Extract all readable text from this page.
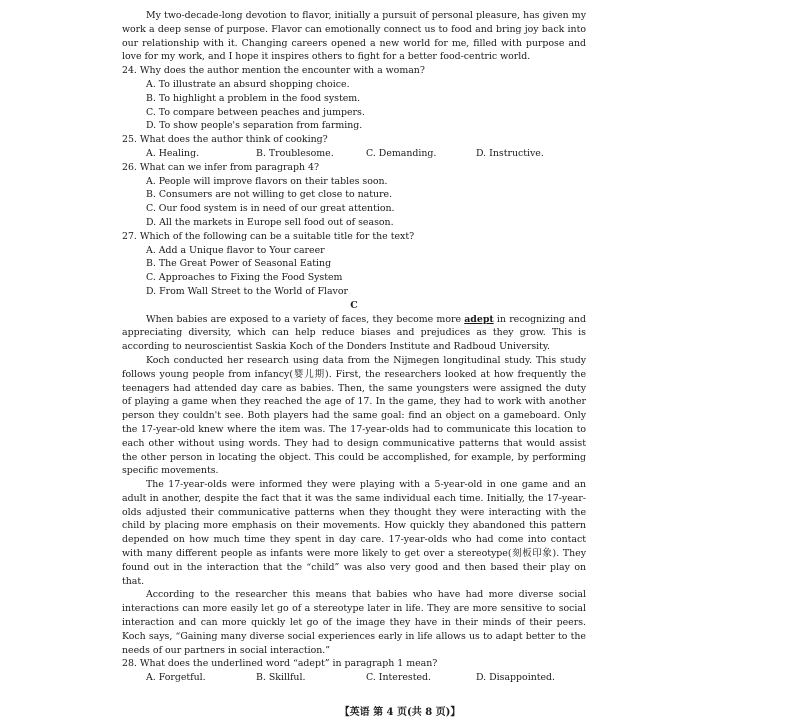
My two-decade-long devotion to flavor, initially a pursuit of personal pleasure, has given my work a deep sense of purpose. Flavor can emotionally connect us to food and bring joy back into our relationship with it. Changing careers opened a new world for me, filled with purpose and love for my work, and I hope it inspires others to fight for a better food-centric world.

24. Why does the author mention the encounter with a woman?

A. To illustrate an absurd shopping choice.

B. To highlight a problem in the food system.

C. To compare between peaches and jumpers.

D. To show people's separation from farming.

25. What does the author think of cooking?

A. Healing.	B. Troublesome.	C. Demanding.	D. Instructive.

26. What can we infer from paragraph 4?

A. People will improve flavors on their tables soon.

B. Consumers are not willing to get close to nature.

C. Our food system is in need of our great attention.

D. All the markets in Europe sell food out of season.

27. Which of the following can be a suitable title for the text?

A. Add a Unique flavor to Your career

B. The Great Power of Seasonal Eating

C. Approaches to Fixing the Food System

D. From Wall Street to the World of Flavor

C

When babies are exposed to a variety of faces, they become more adept in recognizing and appreciating diversity, which can help reduce biases and prejudices as they grow. This is according to neuroscientist Saskia Koch of the Donders Institute and Radboud University.

Koch conducted her research using data from the Nijmegen longitudinal study. This study follows young people from infancy(婴儿期). First, the researchers looked at how frequently the teenagers had attended day care as babies. Then, the same youngsters were assigned the duty of playing a game when they reached the age of 17. In the game, they had to work with another person they couldn't see. Both players had the same goal: find an object on a gameboard. Only the 17-year-old knew where the item was. The 17-year-olds had to communicate this location to each other without using words. They had to design communicative patterns that would assist the other person in locating the object. This could be accomplished, for example, by performing specific movements.

The 17-year-olds were informed they were playing with a 5-year-old in one game and an adult in another, despite the fact that it was the same individual each time. Initially, the 17-year-olds adjusted their communicative patterns when they thought they were interacting with the child by placing more emphasis on their movements. How quickly they abandoned this pattern depended on how much time they spent in day care. 17-year-olds who had come into contact with many different people as infants were more likely to get over a stereotype(刻板印象). They found out in the interaction that the “child” was also very good and then based their play on that.

According to the researcher this means that babies who have had more diverse social interactions can more easily let go of a stereotype later in life. They are more sensitive to social interaction and can more quickly let go of the image they have in their minds of their peers. Koch says, “Gaining many diverse social experiences early in life allows us to adapt better to the needs of our partners in social interaction.”

28. What does the underlined word “adept” in paragraph 1 mean?

A. Forgetful.	B. Skillful.	C. Interested.	D. Disappointed.
【英语 第 4 页(共 8 页)】
